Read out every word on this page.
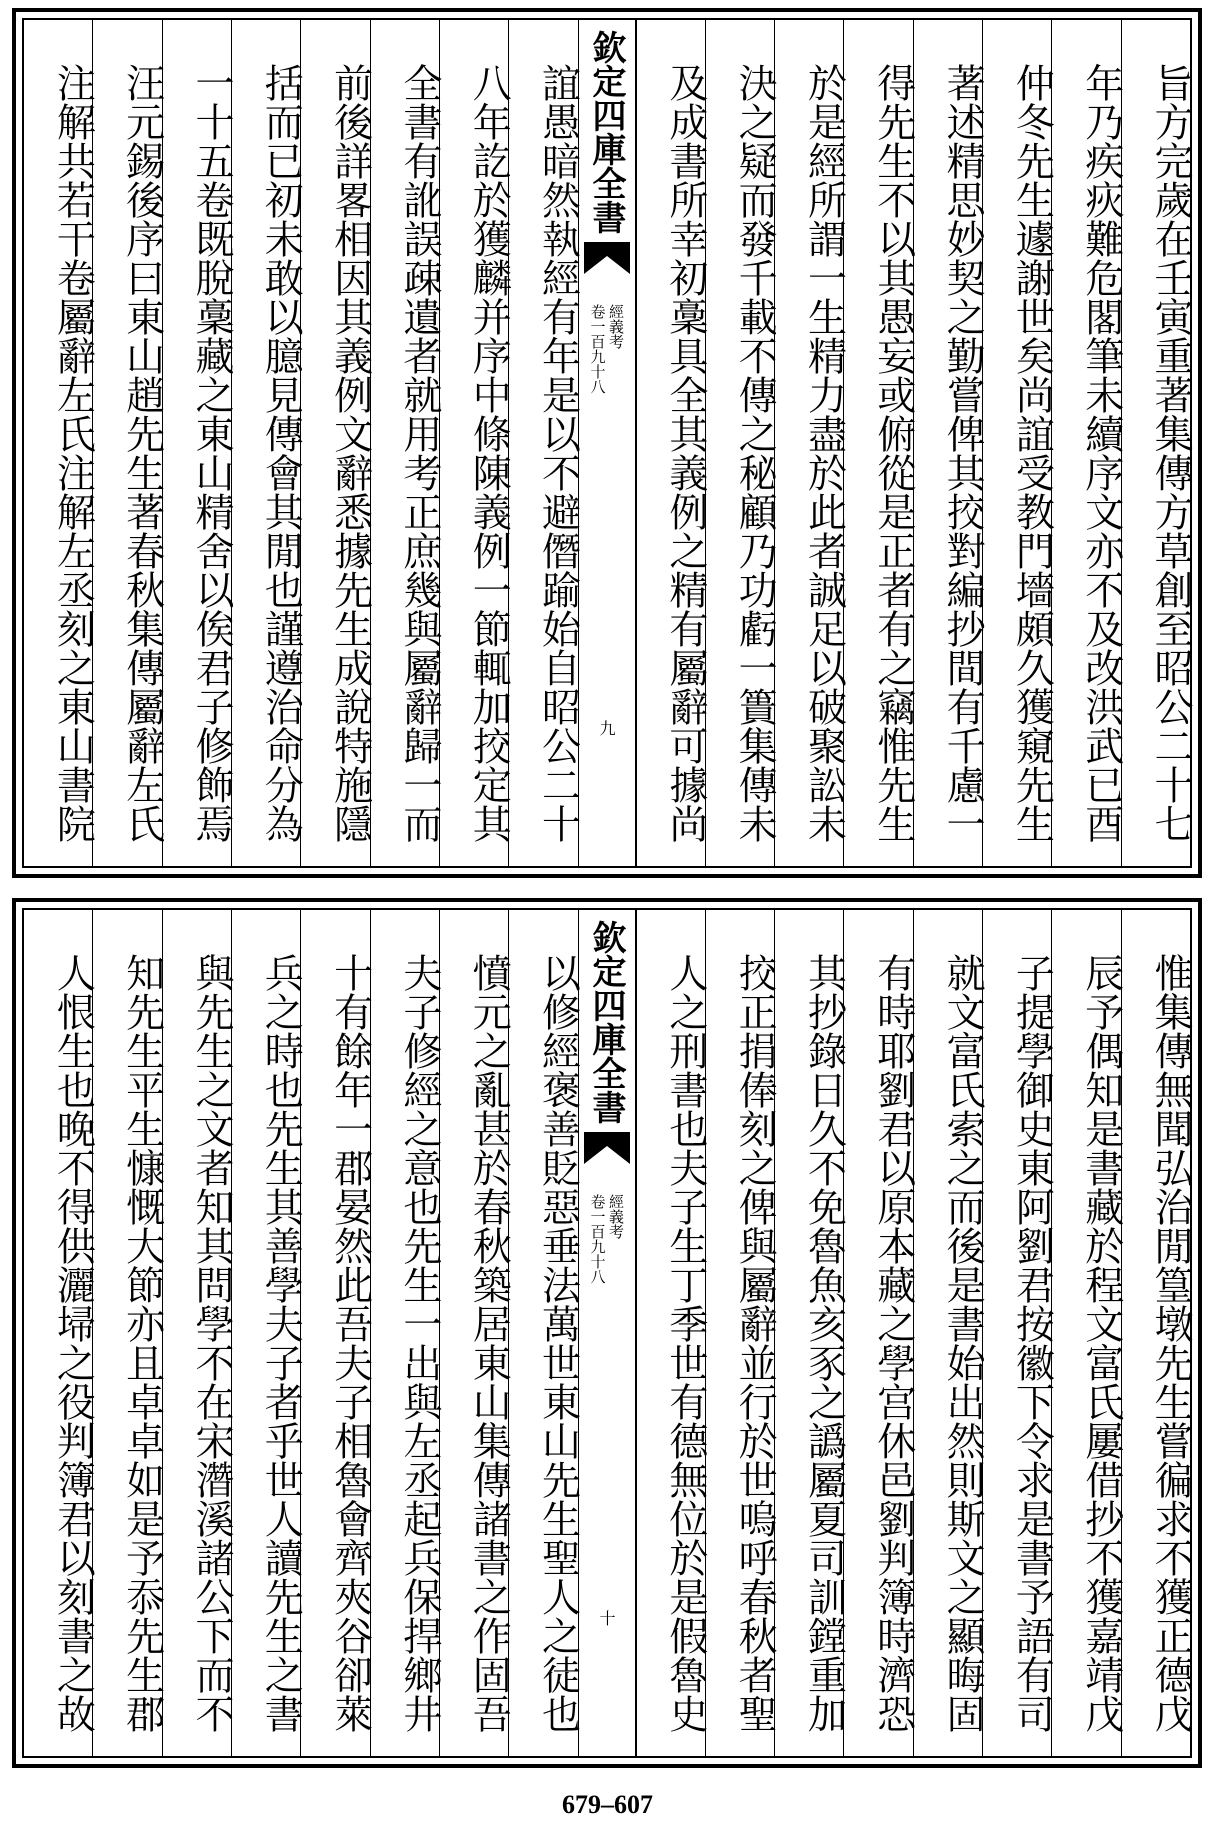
旨方完歲在壬寅重著集傳方草創至昭公二十七
年乃疾疢難危閣筆未續序文亦不及改洪武已酉
仲冬先生遽謝世矣尚誼受教門墻頗久獲窺先生
著述精思妙契之勤嘗俾其挍對編抄間有千慮一
得先生不以其愚妄或俯從是正者有之竊惟先生
於是經所謂一生精力盡於此者誠足以破聚訟未
決之疑而發千載不傳之秘顧乃功虧一簣集傳未
及成書所幸初稾具全其義例之精有屬辭可據尚
欽定四庫全書
經義考
卷一百九十八
九
誼愚暗然執經有年是以不避僭踰始自昭公二十
八年訖於獲麟并序中條陳義例一節輒加挍定其
全書有訛誤疎遺者就用考正庶幾與屬辭歸一而
前後詳畧相因其義例文辭悉據先生成說特施隱
括而已初未敢以臆見傳會其閒也謹遵治命分為
一十五卷既脫稾藏之東山精舍以俟君子修飾焉
汪元錫後序曰東山趙先生著春秋集傳屬辭左氏
注解共若干卷屬辭左氏注解左丞刻之東山書院
惟集傳無聞弘治閒篁墩先生嘗徧求不獲正德戊
辰予偶知是書藏於程文富氏屢借抄不獲嘉靖戊
子提學御史東阿劉君按徽下令求是書予語有司
就文富氏索之而後是書始出然則斯文之顯晦固
有時耶劉君以原本藏之學宫休邑劉判簿時濟恐
其抄錄日久不免魯魚亥豕之譌屬夏司訓鏜重加
挍正捐俸刻之俾與屬辭並行於世嗚呼春秋者聖
人之刑書也夫子生丁季世有德無位於是假魯史
欽定四庫全書
經義考
卷一百九十八
十
以修經褒善貶惡垂法萬世東山先生聖人之徒也
憤元之亂甚於春秋築居東山集傳諸書之作固吾
夫子修經之意也先生一出與左丞起兵保捍鄉井
十有餘年一郡晏然此吾夫子相魯會齊夾谷卻萊
兵之時也先生其善學夫子者乎世人讀先生之書
與先生之文者知其問學不在宋濳溪諸公下而不
知先生平生慷慨大節亦且卓卓如是予忝先生郡
人恨生也晚不得供灑埽之役判簿君以刻書之故
679–607
